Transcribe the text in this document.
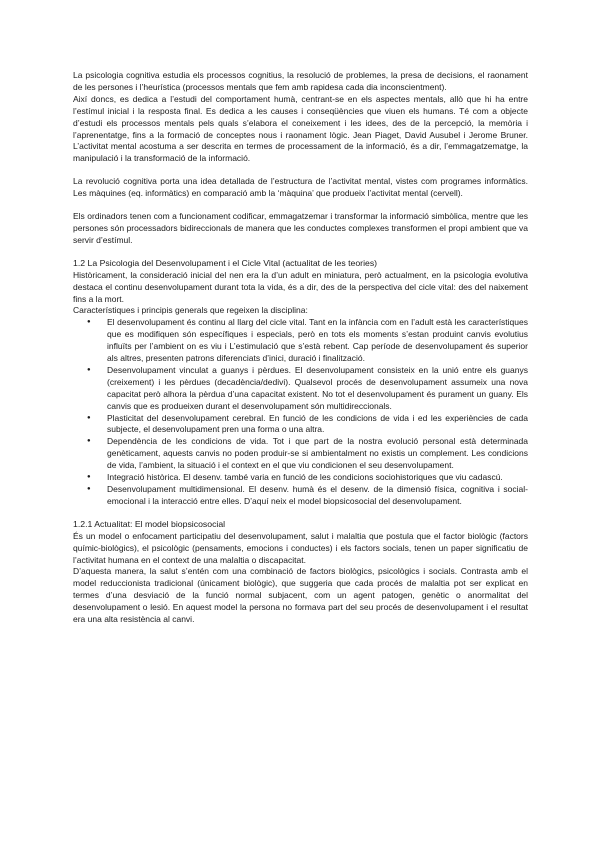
La psicologia cognitiva estudia els processos cognitius, la resolució de problemes, la presa de decisions, el raonament de les persones i l’heurística (processos mentals que fem amb rapidesa cada dia inconscientment).

Així doncs, es dedica a l’estudi del comportament humà, centrant-se en els aspectes mentals, allò que hi ha entre l’estímul inicial i la resposta final. Es dedica a les causes i conseqüències que viuen els humans. Té com a objecte d’estudi els processos mentals pels quals s’elabora el coneixement i les idees, des de la percepció, la memòria i l’aprenentatge, fins a la formació de conceptes nous i raonament lògic. Jean Piaget, David Ausubel i Jerome Bruner. L’activitat mental acostuma a ser descrita en termes de processament de la informació, és a dir, l’emmagatzematge, la manipulació i la transformació de la informació.

La revolució cognitiva porta una idea detallada de l’estructura de l’activitat mental, vistes com programes informàtics. Les màquines (eq. informàtics) en comparació amb la ‘màquina’ que produeix l’activitat mental (cervell).

Els ordinadors tenen com a funcionament codificar, emmagatzemar i transformar la informació simbòlica, mentre que les persones són processadors bidireccionals de manera que les conductes complexes transformen el propi ambient que va servir d’estímul.

1.2 La Psicologia del Desenvolupament i el Cicle Vital (actualitat de les teories)

Històricament, la consideració inicial del nen era la d’un adult en miniatura, però actualment, en la psicologia evolutiva destaca el continu desenvolupament durant tota la vida, és a dir, des de la perspectiva del cicle vital: des del naixement fins a la mort.

Característiques i principis generals que regeixen la disciplina:

● El desenvolupament és continu al llarg del cicle vital. Tant en la infància com en l’adult està les característiques que es modifiquen són específiques i especials, però en tots els moments s’estan produint canvis evolutius influïts per l’ambient on es viu i L’estimulació que s’està rebent. Cap període de desenvolupament és superior als altres, presenten patrons diferenciats d’inici, duració i finalització.
● Desenvolupament vinculat a guanys i pèrdues. El desenvolupament consisteix en la unió entre els guanys (creixement) i les pèrdues (decadència/dedivi). Qualsevol procés de desenvolupament assumeix una nova capacitat però alhora la pèrdua d’una capacitat existent. No tot el desenvolupament és purament un guany. Els canvis que es produeixen durant el desenvolupament són multidireccionals.
● Plasticitat del desenvolupament cerebral. En funció de les condicions de vida i ed les experiències de cada subjecte, el desenvolupament pren una forma o una altra.
● Dependència de les condicions de vida. Tot i que part de la nostra evolució personal està determinada genèticament, aquests canvis no poden produir-se si ambientalment no existis un complement. Les condicions de vida, l’ambient, la situació i el context en el que viu condicionen el seu desenvolupament.
● Integració històrica. El desenv. també varia en funció de les condicions sociohistoriques que viu cadascú.
● Desenvolupament multidimensional. El desenv. humà és el desenv. de la dimensió física, cognitiva i social-emocional i la interacció entre elles. D’aquí neix el model biopsicosocial del desenvolupament.
1.2.1 Actualitat: El model biopsicosocial

És un model o enfocament participatiu del desenvolupament, salut i malaltia que postula que el factor biològic (factors químic-biològics), el psicològic (pensaments, emocions i conductes) i els factors socials, tenen un paper significatiu de l’activitat humana en el context de una malaltia o discapacitat.

D’aquesta manera, la salut s’entén com una combinació de factors biològics, psicològics i socials. Contrasta amb el model reduccionista tradicional (únicament biològic), que suggeria que cada procés de malaltia pot ser explicat en termes d’una desviació de la funció normal subjacent, com un agent patogen, genètic o anormalitat del desenvolupament o lesió. En aquest model la persona no formava part del seu procés de desenvolupament i el resultat era una alta resistència al canvi.
